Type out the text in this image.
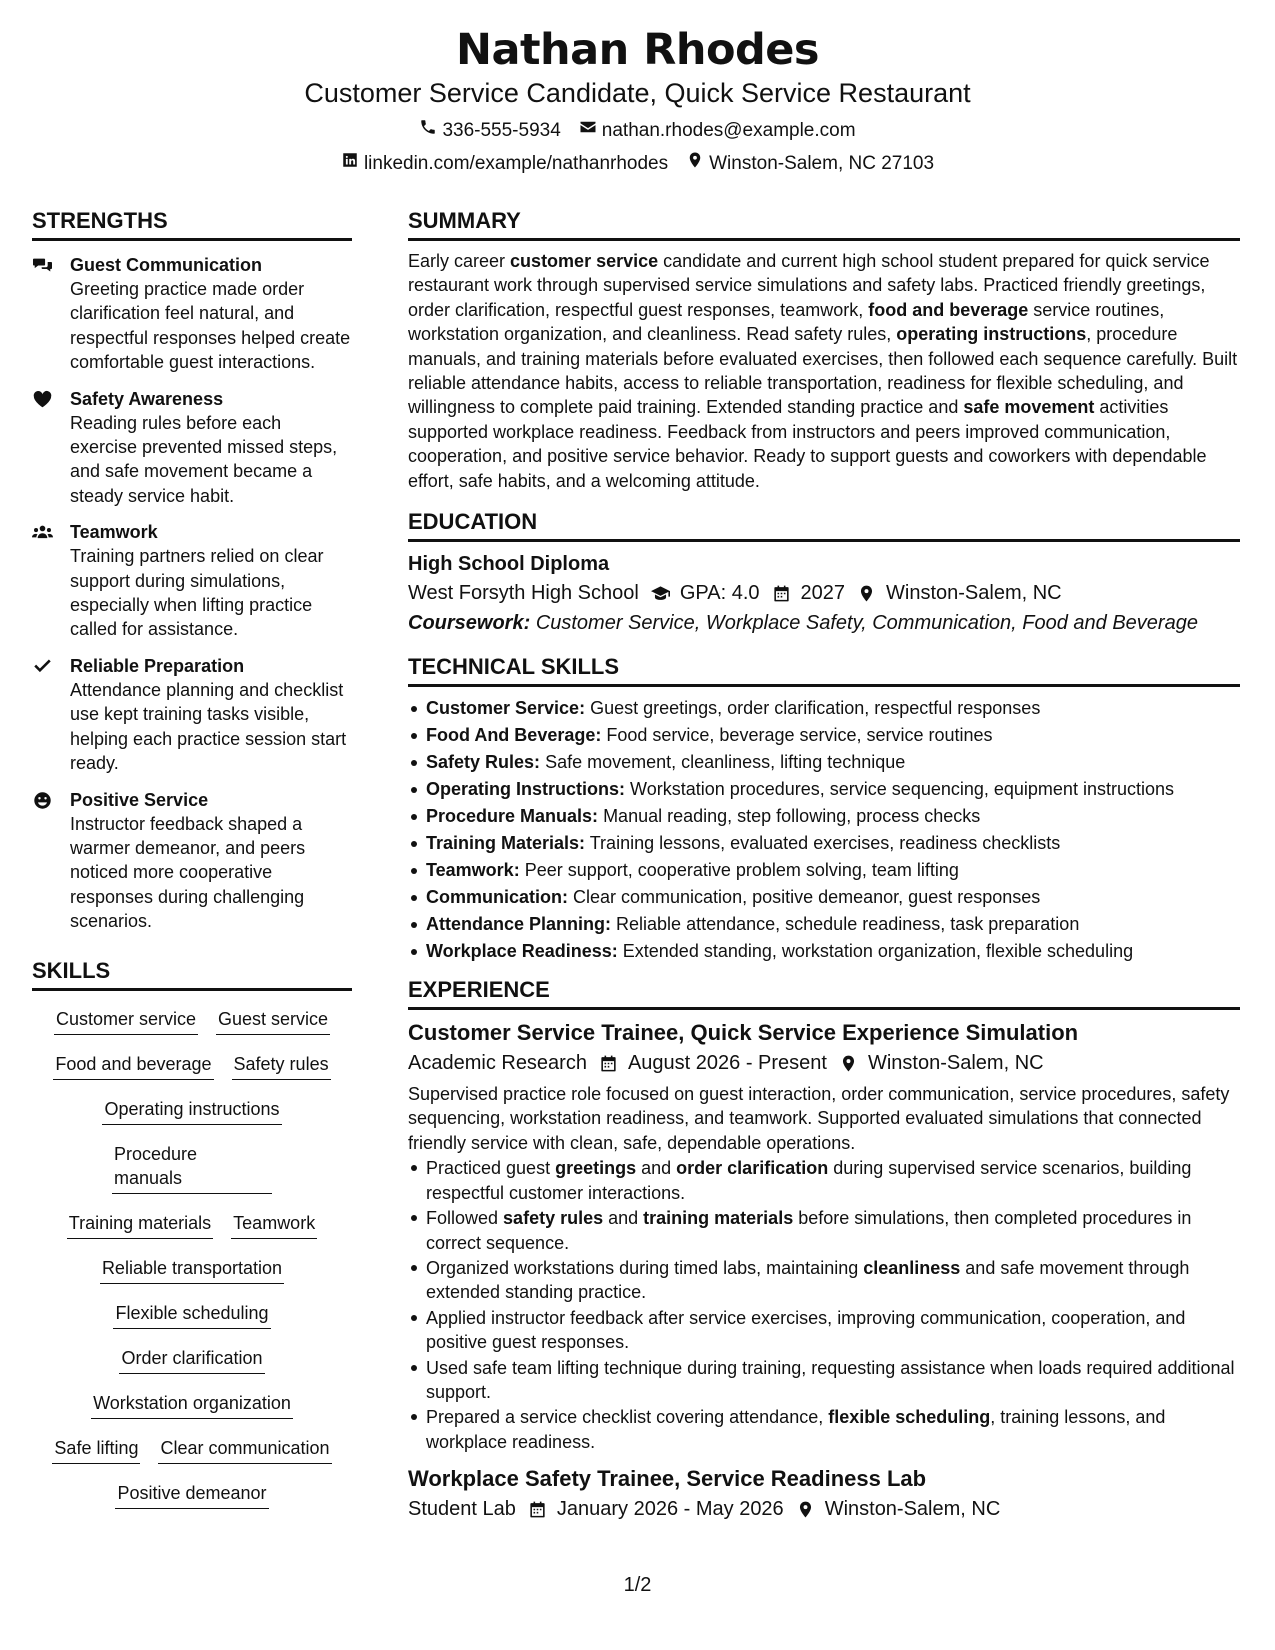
Nathan Rhodes
Customer Service Candidate, Quick Service Restaurant
336-555-5934 nathan.rhodes@example.com
linkedin.com/example/nathanrhodes Winston-Salem, NC 27103
STRENGTHS
Guest Communication
Greeting practice made order clarification feel natural, and respectful responses helped create comfortable guest interactions.
Safety Awareness
Reading rules before each exercise prevented missed steps, and safe movement became a steady service habit.
Teamwork
Training partners relied on clear support during simulations, especially when lifting practice called for assistance.
Reliable Preparation
Attendance planning and checklist use kept training tasks visible, helping each practice session start ready.
Positive Service
Instructor feedback shaped a warmer demeanor, and peers noticed more cooperative responses during challenging scenarios.
SKILLS
Customer service Guest service
Food and beverage Safety rules
Operating instructions
Procedure manuals
Training materials Teamwork
Reliable transportation
Flexible scheduling
Order clarification
Workstation organization
Safe lifting Clear communication
Positive demeanor
SUMMARY
Early career customer service candidate and current high school student prepared for quick service restaurant work through supervised service simulations and safety labs. Practiced friendly greetings, order clarification, respectful guest responses, teamwork, food and beverage service routines, workstation organization, and cleanliness. Read safety rules, operating instructions, procedure manuals, and training materials before evaluated exercises, then followed each sequence carefully. Built reliable attendance habits, access to reliable transportation, readiness for flexible scheduling, and willingness to complete paid training. Extended standing practice and safe movement activities supported workplace readiness. Feedback from instructors and peers improved communication, cooperation, and positive service behavior. Ready to support guests and coworkers with dependable effort, safe habits, and a welcoming attitude.
EDUCATION
High School Diploma
West Forsyth High School GPA: 4.0 2027 Winston-Salem, NC
Coursework: Customer Service, Workplace Safety, Communication, Food and Beverage
TECHNICAL SKILLS
Customer Service: Guest greetings, order clarification, respectful responses
Food And Beverage: Food service, beverage service, service routines
Safety Rules: Safe movement, cleanliness, lifting technique
Operating Instructions: Workstation procedures, service sequencing, equipment instructions
Procedure Manuals: Manual reading, step following, process checks
Training Materials: Training lessons, evaluated exercises, readiness checklists
Teamwork: Peer support, cooperative problem solving, team lifting
Communication: Clear communication, positive demeanor, guest responses
Attendance Planning: Reliable attendance, schedule readiness, task preparation
Workplace Readiness: Extended standing, workstation organization, flexible scheduling
EXPERIENCE
Customer Service Trainee, Quick Service Experience Simulation
Academic Research August 2026 - Present Winston-Salem, NC
Supervised practice role focused on guest interaction, order communication, service procedures, safety sequencing, workstation readiness, and teamwork. Supported evaluated simulations that connected friendly service with clean, safe, dependable operations.
Practiced guest greetings and order clarification during supervised service scenarios, building respectful customer interactions.
Followed safety rules and training materials before simulations, then completed procedures in correct sequence.
Organized workstations during timed labs, maintaining cleanliness and safe movement through extended standing practice.
Applied instructor feedback after service exercises, improving communication, cooperation, and positive guest responses.
Used safe team lifting technique during training, requesting assistance when loads required additional support.
Prepared a service checklist covering attendance, flexible scheduling, training lessons, and workplace readiness.
Workplace Safety Trainee, Service Readiness Lab
Student Lab January 2026 - May 2026 Winston-Salem, NC
1/2
